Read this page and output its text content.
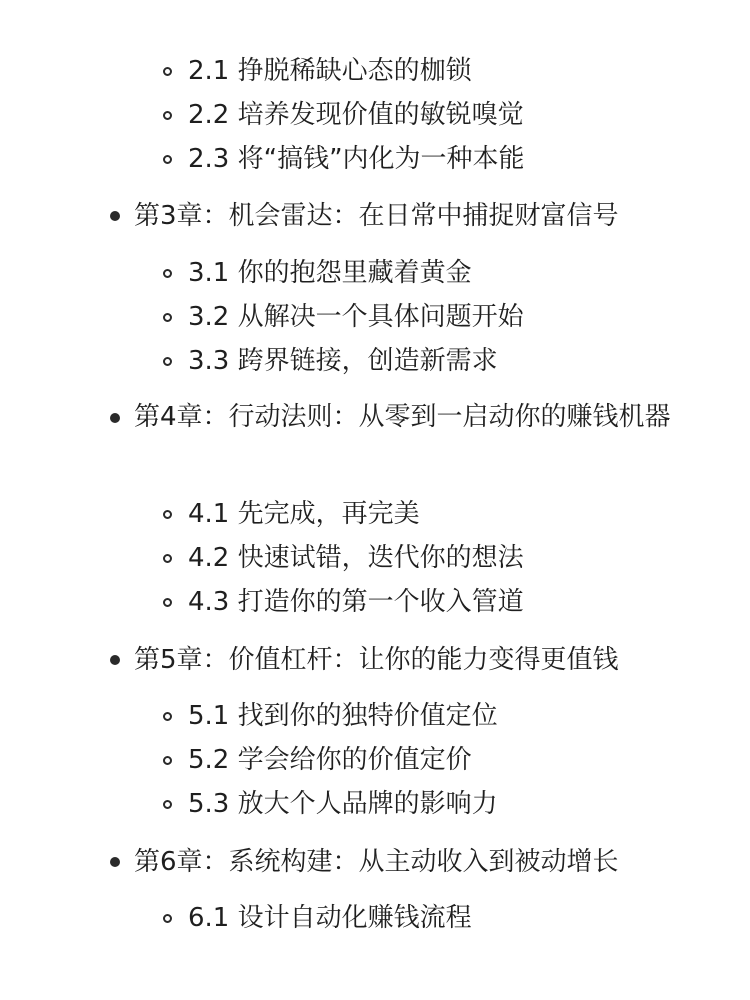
2.1 挣脱稀缺心态的枷锁
2.2 培养发现价值的敏锐嗅觉
2.3 将“搞钱”内化为一种本能
第3章：机会雷达：在日常中捕捉财富信号
3.1 你的抱怨里藏着黄金
3.2 从解决一个具体问题开始
3.3 跨界链接，创造新需求
第4章：行动法则：从零到一启动你的赚钱机器
4.1 先完成，再完美
4.2 快速试错，迭代你的想法
4.3 打造你的第一个收入管道
第5章：价值杠杆：让你的能力变得更值钱
5.1 找到你的独特价值定位
5.2 学会给你的价值定价
5.3 放大个人品牌的影响力
第6章：系统构建：从主动收入到被动增长
6.1 设计自动化赚钱流程
